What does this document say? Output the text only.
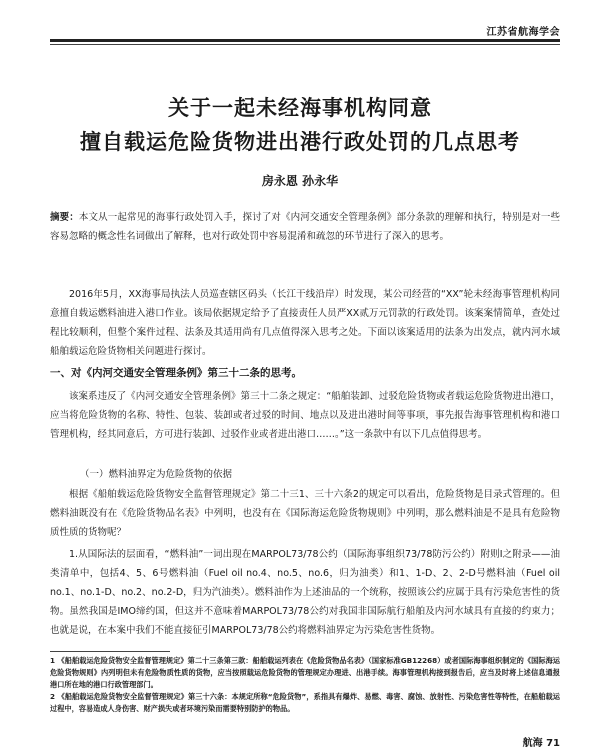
江苏省航海学会
关于一起未经海事机构同意
擅自载运危险货物进出港行政处罚的几点思考
房永恩 孙永华
摘要：本文从一起常见的海事行政处罚入手，探讨了对《内河交通安全管理条例》部分条款的理解和执行，特别是对一些容易忽略的概念性名词做出了解释，也对行政处罚中容易混淆和疏忽的环节进行了深入的思考。
2016年5月，XX海事局执法人员巡查辖区码头（长江干线沿岸）时发现，某公司经营的“XX”轮未经海事管理机构同意擅自载运燃料油进入港口作业。该局依据规定给予了直接责任人员严XX贰万元罚款的行政处罚。该案案情简单，查处过程比较顺利，但整个案件过程、法条及其适用尚有几点值得深入思考之处。下面以该案适用的法条为出发点，就内河水域船舶载运危险货物相关问题进行探讨。
一、对《内河交通安全管理条例》第三十二条的思考。
该案系违反了《内河交通安全管理条例》第三十二条之规定：“船舶装卸、过驳危险货物或者载运危险货物进出港口，应当将危险货物的名称、特性、包装、装卸或者过驳的时间、地点以及进出港时间等事项，事先报告海事管理机构和港口管理机构，经其同意后，方可进行装卸、过驳作业或者进出港口……。”这一条款中有以下几点值得思考。
（一）燃料油界定为危险货物的依据
根据《船舶载运危险货物安全监督管理规定》第二十三1、三十六条2的规定可以看出，危险货物是目录式管理的。但燃料油既没有在《危险货物品名表》中列明，也没有在《国际海运危险货物规则》中列明，那么燃料油是不是具有危险物质性质的货物呢？
1.从国际法的层面看，“燃料油”一词出现在MARPOL73/78公约（国际海事组织73/78防污公约）附则Ⅰ之附录——油类清单中，包括4、5、6号燃料油（Fuel oil no.4、no.5、no.6，归为油类）和1、1-D、2、2-D号燃料油（Fuel oil no.1、no.1-D、no.2、no.2-D，归为汽油类）。燃料油作为上述油品的一个统称，按照该公约应属于具有污染危害性的货物。虽然我国是IMO缔约国，但这并不意味着MARPOL73/78公约对我国非国际航行船舶及内河水域具有直接的约束力；也就是说，在本案中我们不能直接征引MARPOL73/78公约将燃料油界定为污染危害性货物。

1 《船舶载运危险货物安全监督管理规定》第二十三条第三款：船舶载运列表在《危险货物品名表》（国家标准GB12268）或者国际海事组织制定的《国际海运危险货物规则》内列明但未有危险物质性质的货物，应当按照载运危险货物的管理规定办理进、出港手续。海事管理机构接到报告后，应当及时将上述信息通报港口所在地的港口行政管理部门。

2 《船舶载运危险货物安全监督管理规定》第三十六条：本规定所称“危险货物”，系指具有爆炸、易燃、毒害、腐蚀、放射性、污染危害性等特性，在船舶载运过程中，容易造成人身伤害、财产损失或者环境污染而需要特别防护的物品。

航海 71
